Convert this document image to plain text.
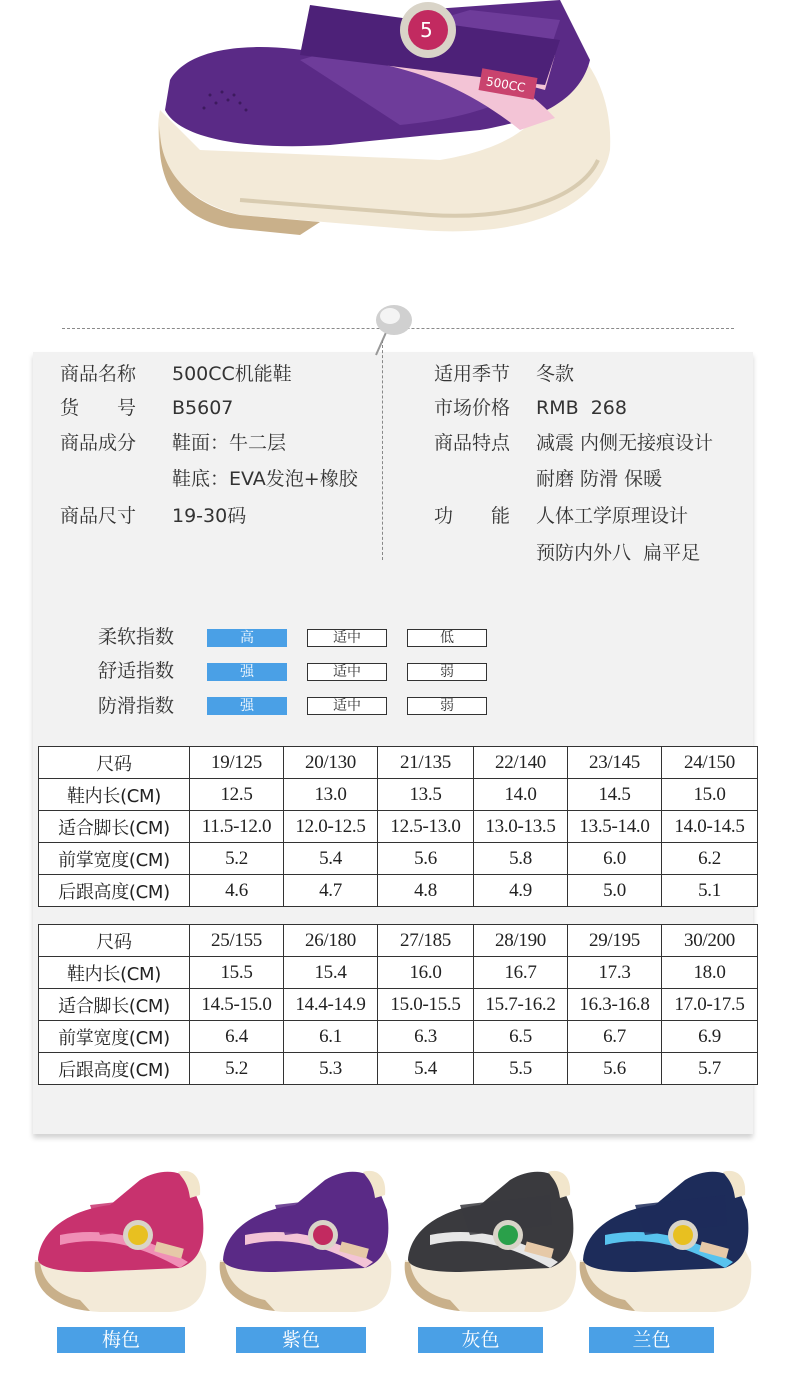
5
500CC
商品名称 500CC机能鞋
货　　号 B5607
商品成分 鞋面：牛二层
鞋底：EVA发泡+橡胶
商品尺寸 19-30码
适用季节 冬款
市场价格 RMB  268
商品特点 减震 内侧无接痕设计
耐磨 防滑 保暖
功　　能 人体工学原理设计
预防内外八  扁平足
柔软指数	高	适中	低
舒适指数	强	适中	弱
防滑指数	强	适中	弱
尺码	19/125	20/130	21/135	22/140	23/145	24/150
鞋内长(CM)	12.5	13.0	13.5	14.0	14.5	15.0
适合脚长(CM)	11.5-12.0	12.0-12.5	12.5-13.0	13.0-13.5	13.5-14.0	14.0-14.5
前掌宽度(CM)	5.2	5.4	5.6	5.8	6.0	6.2
后跟高度(CM)	4.6	4.7	4.8	4.9	5.0	5.1
尺码	25/155	26/180	27/185	28/190	29/195	30/200
鞋内长(CM)	15.5	15.4	16.0	16.7	17.3	18.0
适合脚长(CM)	14.5-15.0	14.4-14.9	15.0-15.5	15.7-16.2	16.3-16.8	17.0-17.5
前掌宽度(CM)	6.4	6.1	6.3	6.5	6.7	6.9
后跟高度(CM)	5.2	5.3	5.4	5.5	5.6	5.7
梅色	紫色	灰色	兰色
